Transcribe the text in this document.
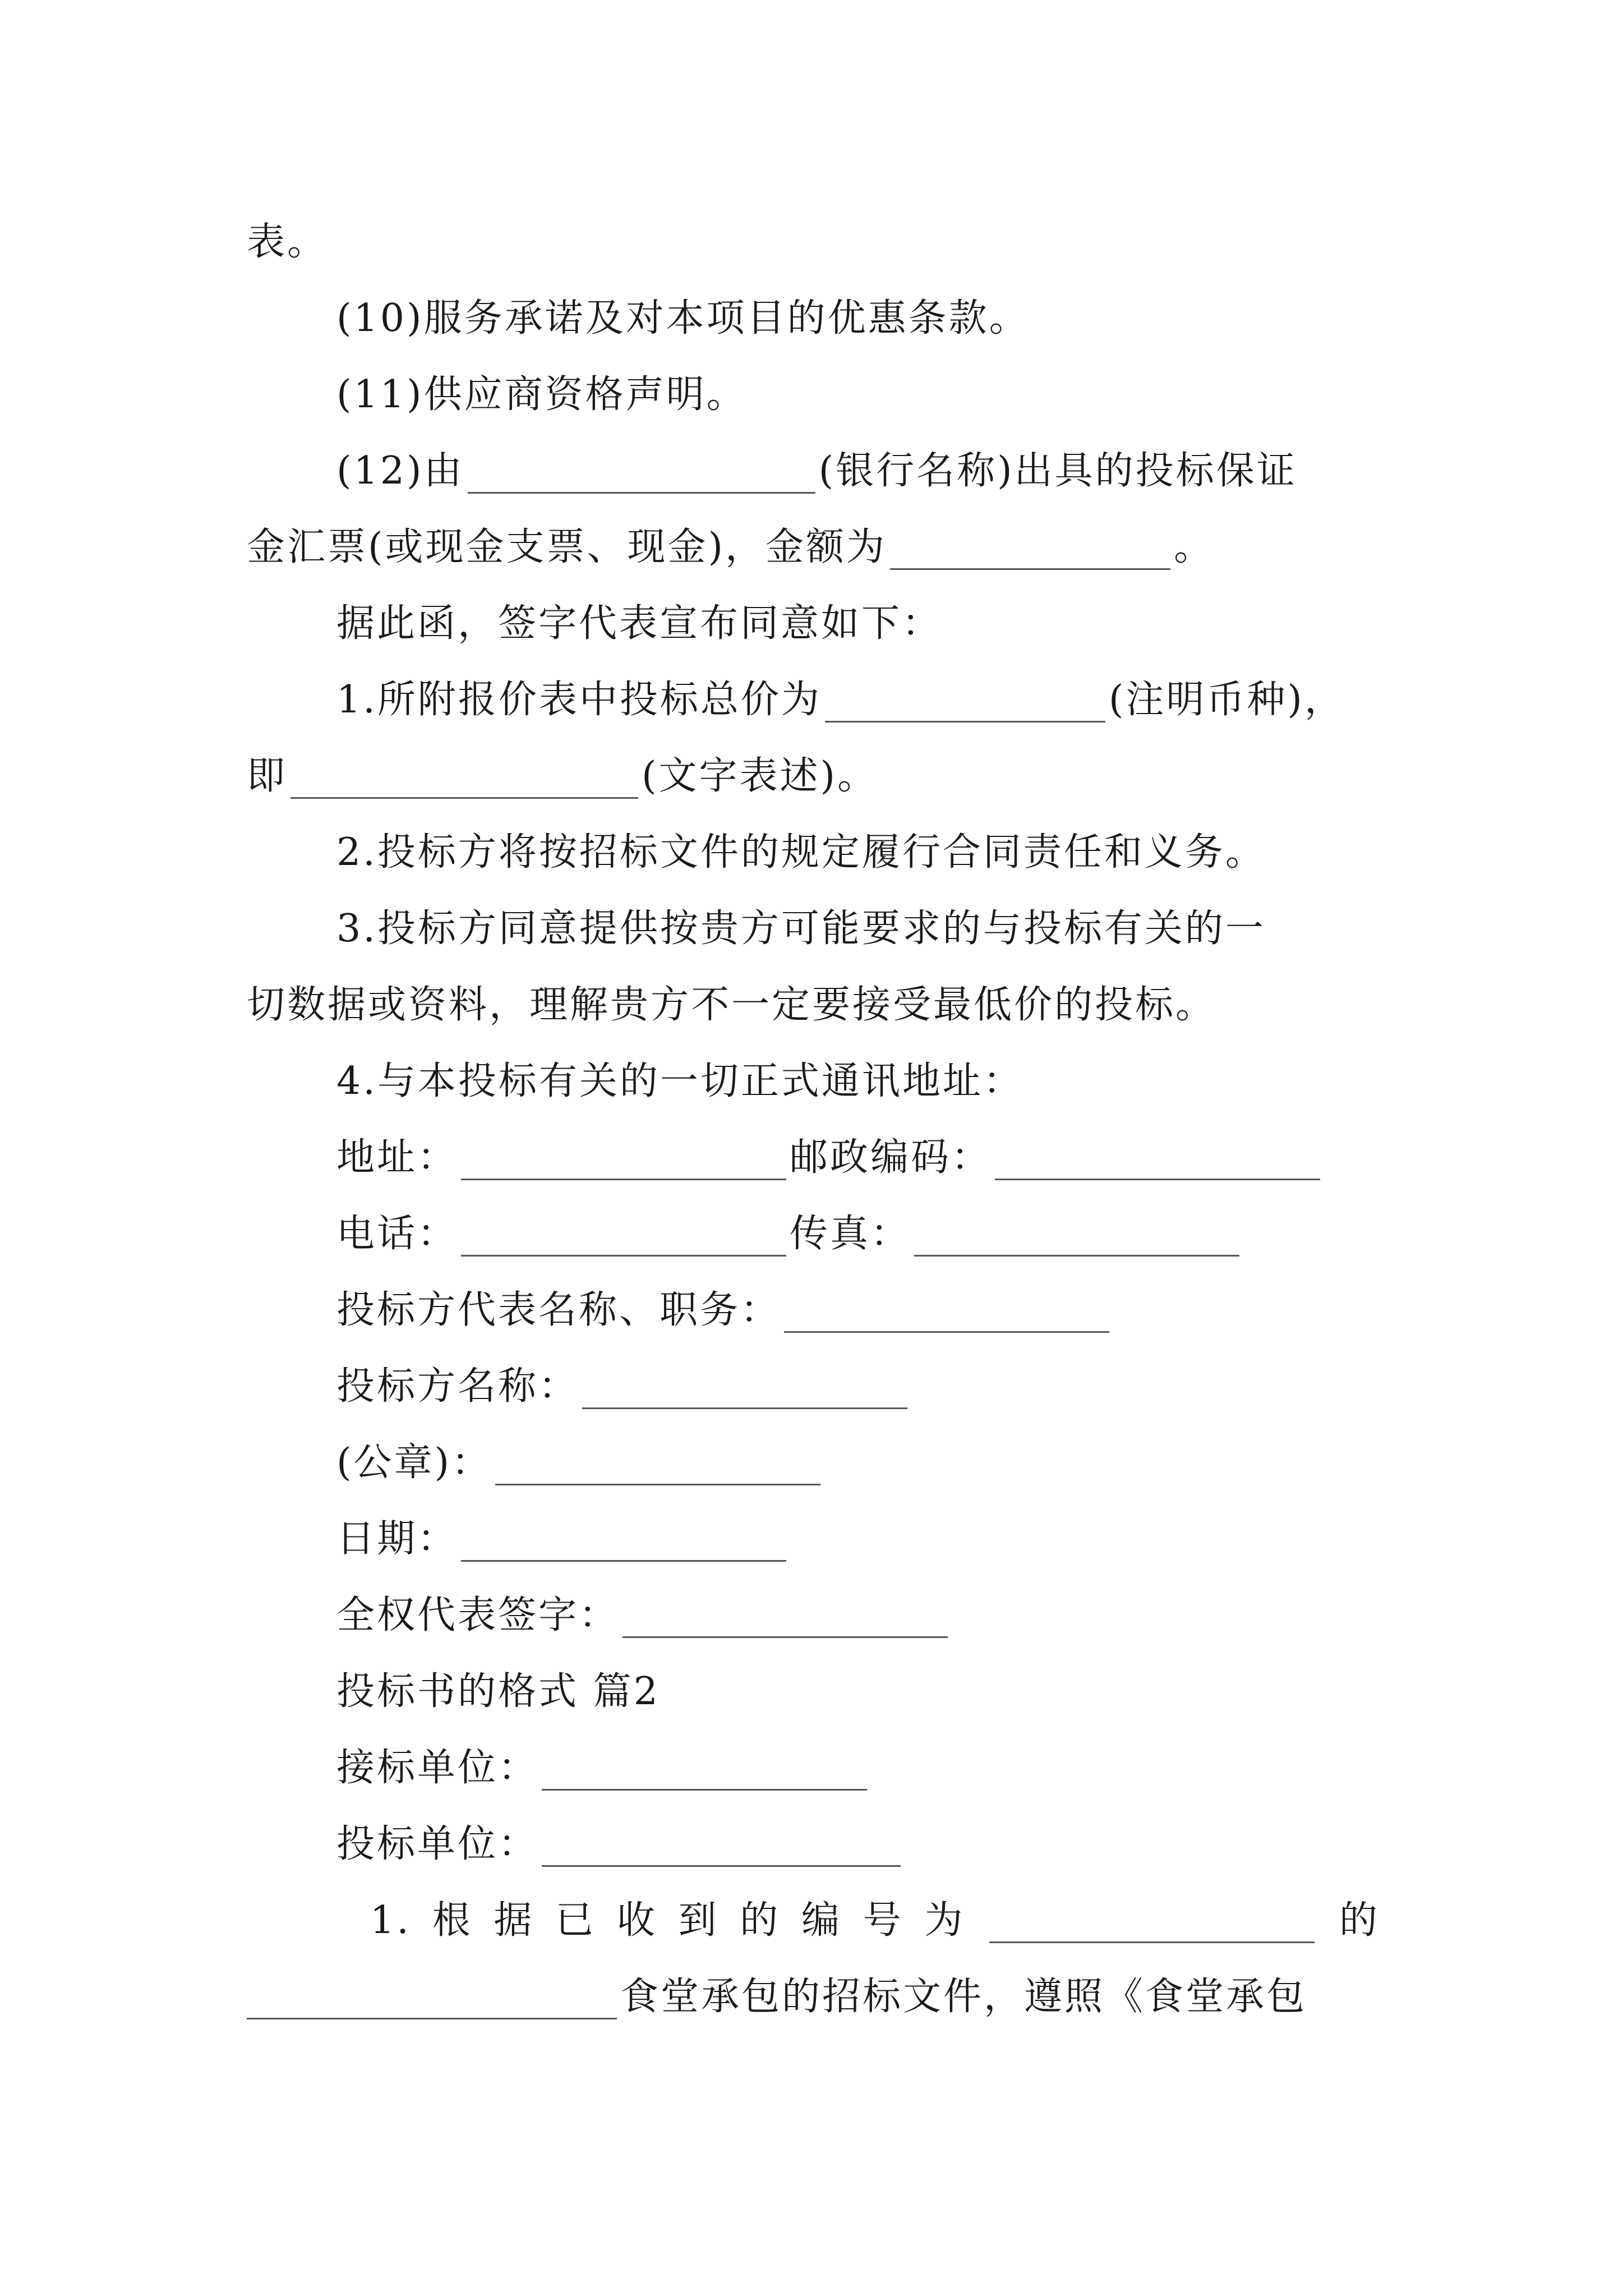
表。
(10)服务承诺及对本项目的优惠条款。
(11)供应商资格声明。
(12)由	(银行名称)出具的投标保证
金汇票(或现金支票、现金)，金额为	。
据此函，签字代表宣布同意如下：
1.所附报价表中投标总价为	(注明币种)，
即	(文字表述)。
2.投标方将按招标文件的规定履行合同责任和义务。
3.投标方同意提供按贵方可能要求的与投标有关的一
切数据或资料，理解贵方不一定要接受最低价的投标。
4.与本投标有关的一切正式通讯地址：
地址：	邮政编码：
电话：	传真：
投标方代表名称、职务：
投标方名称：
(公章)：
日期：
全权代表签字：
投标书的格式 篇2
接标单位：
投标单位：
1. 根 据 已 收 到 的 编 号 为	的
食堂承包的招标文件，遵照《食堂承包
